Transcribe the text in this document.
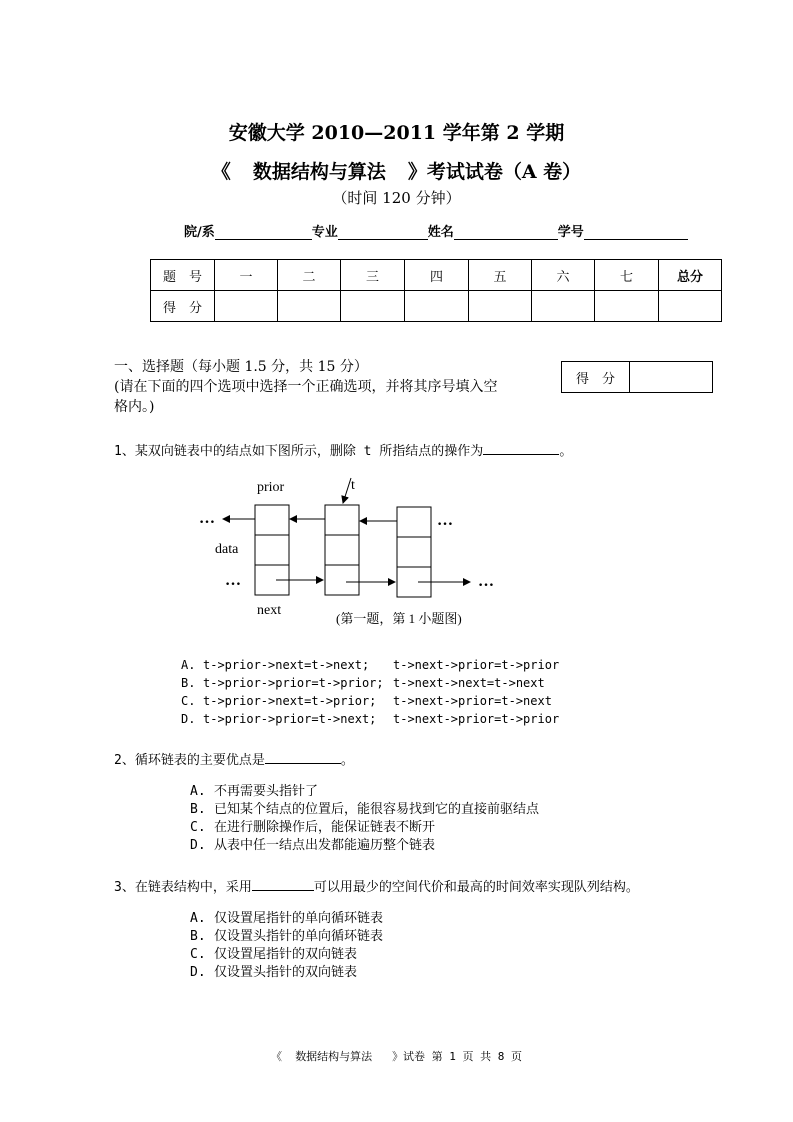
安徽大学 2010—2011 学年第 2 学期
《 数据结构与算法 》考试试卷（A 卷）
（时间 120 分钟）
院/系	专业	姓名	学号
题　号	一	二	三	四	五	六	七	总分
得　分								
一、选择题（每小题 1.5 分，共 15 分）
(请在下面的四个选项中选择一个正确选项，并将其序号填入空
格内。)
得　分	
1、某双向链表中的结点如下图所示，删除 t 所指结点的操作为	。
prior	t
data
next
…	…
…	…
(第一题，第 1 小题图)
A. t->prior->next=t->next; t->next->prior=t->prior
B. t->prior->prior=t->prior; t->next->next=t->next
C. t->prior->next=t->prior; t->next->prior=t->next
D. t->prior->prior=t->next; t->next->prior=t->prior
2、循环链表的主要优点是	。
A. 不再需要头指针了
B. 已知某个结点的位置后，能很容易找到它的直接前驱结点
C. 在进行删除操作后，能保证链表不断开
D. 从表中任一结点出发都能遍历整个链表
3、在链表结构中，采用	可以用最少的空间代价和最高的时间效率实现队列结构。
A. 仅设置尾指针的单向循环链表
B. 仅设置头指针的单向循环链表
C. 仅设置尾指针的双向链表
D. 仅设置头指针的双向链表
《 数据结构与算法 》试卷 第 1 页 共 8 页
